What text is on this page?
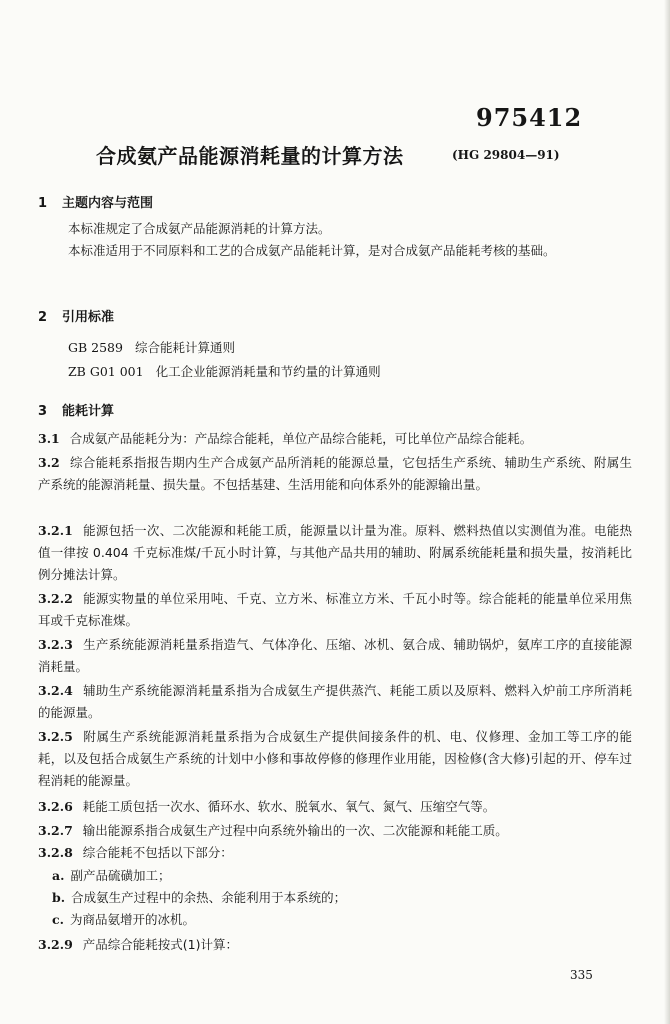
975412
合成氨产品能源消耗量的计算方法	(HG 29804—91)
1 主题内容与范围
本标准规定了合成氨产品能源消耗的计算方法。
本标准适用于不同原料和工艺的合成氨产品能耗计算，是对合成氨产品能耗考核的基础。
2 引用标准
GB 2589 综合能耗计算通则
ZB G01 001 化工企业能源消耗量和节约量的计算通则
3 能耗计算
3.1 合成氨产品能耗分为：产品综合能耗，单位产品综合能耗，可比单位产品综合能耗。
3.2 综合能耗系指报告期内生产合成氨产品所消耗的能源总量，它包括生产系统、辅助生产系统、附属生产系统的能源消耗量、损失量。不包括基建、生活用能和向体系外的能源输出量。
3.2.1 能源包括一次、二次能源和耗能工质，能源量以计量为准。原料、燃料热值以实测值为准。电能热值一律按 0.404 千克标准煤/千瓦小时计算，与其他产品共用的辅助、附属系统能耗量和损失量，按消耗比例分摊法计算。
3.2.2 能源实物量的单位采用吨、千克、立方米、标准立方米、千瓦小时等。综合能耗的能量单位采用焦耳或千克标准煤。
3.2.3 生产系统能源消耗量系指造气、气体净化、压缩、冰机、氨合成、辅助锅炉，氨库工序的直接能源消耗量。
3.2.4 辅助生产系统能源消耗量系指为合成氨生产提供蒸汽、耗能工质以及原料、燃料入炉前工序所消耗的能源量。
3.2.5 附属生产系统能源消耗量系指为合成氨生产提供间接条件的机、电、仪修理、金加工等工序的能耗，以及包括合成氨生产系统的计划中小修和事故停修的修理作业用能，因检修(含大修)引起的开、停车过程消耗的能源量。
3.2.6 耗能工质包括一次水、循环水、软水、脱氧水、氧气、氮气、压缩空气等。
3.2.7 输出能源系指合成氨生产过程中向系统外输出的一次、二次能源和耗能工质。
3.2.8 综合能耗不包括以下部分：
a. 副产品硫磺加工；
b. 合成氨生产过程中的余热、余能利用于本系统的；
c. 为商品氨增开的冰机。
3.2.9 产品综合能耗按式(1)计算：
335
